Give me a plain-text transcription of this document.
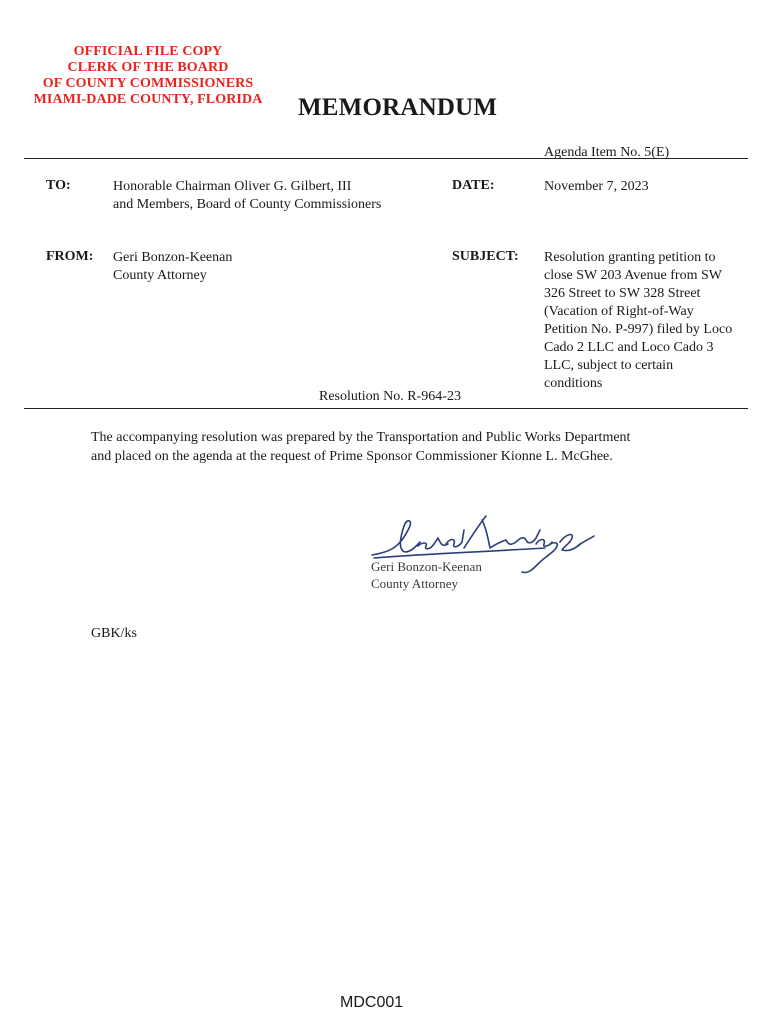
OFFICIAL FILE COPY
CLERK OF THE BOARD
OF COUNTY COMMISSIONERS
MIAMI-DADE COUNTY, FLORIDA	MEMORANDUM
Agenda Item No. 5(E)
TO:	Honorable Chairman Oliver G. Gilbert, III
and Members, Board of County Commissioners
DATE:	November 7, 2023
FROM: Geri Bonzon-Keenan
County Attorney
SUBJECT: Resolution granting petition to
close SW 203 Avenue from SW
326 Street to SW 328 Street
(Vacation of Right-of-Way
Petition No. P-997) filed by Loco
Cado 2 LLC and Loco Cado 3
LLC, subject to certain
conditions
Resolution No. R-964-23
The accompanying resolution was prepared by the Transportation and Public Works Department
and placed on the agenda at the request of Prime Sponsor Commissioner Kionne L. McGhee.
Geri Bonzon-Keenan
County Attorney
GBK/ks
MDC001
